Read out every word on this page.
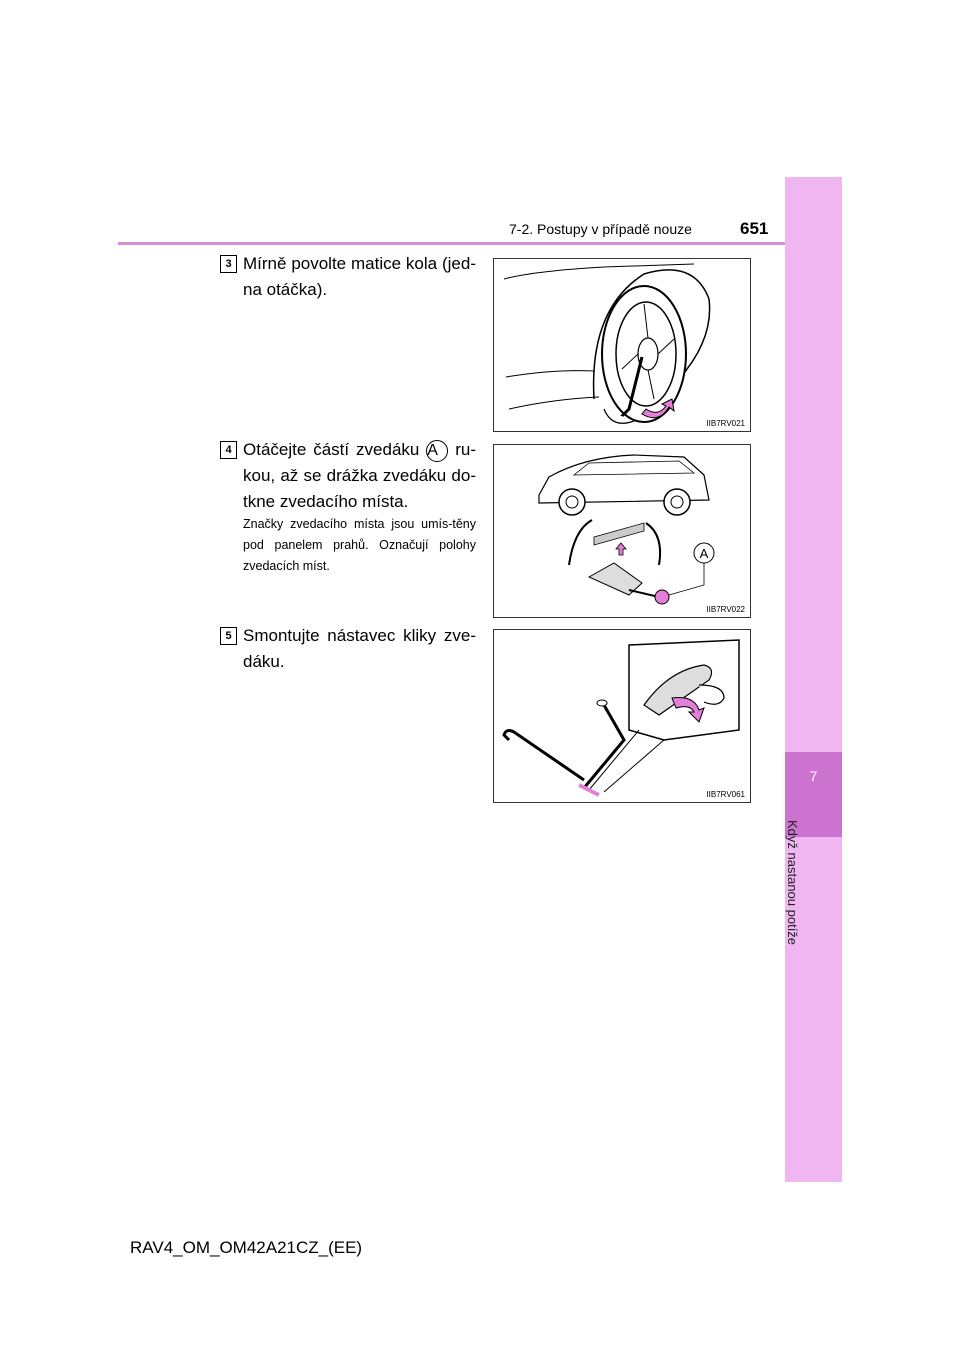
7
Když nastanou potíže
7-2. Postupy v případě nouze	651
3 Mírně povolte matice kola (jed-na otáčka).
4 Otáčejte částí zvedáku A ru-kou, až se drážka zvedáku do-tkne zvedacího místa.
Značky zvedacího místa jsou umís-těny pod panelem prahů. Označují polohy zvedacích míst.
5 Smontujte nástavec kliky zve-dáku.
IIB7RV021
A
IIB7RV022
IIB7RV061
RAV4_OM_OM42A21CZ_(EE)
